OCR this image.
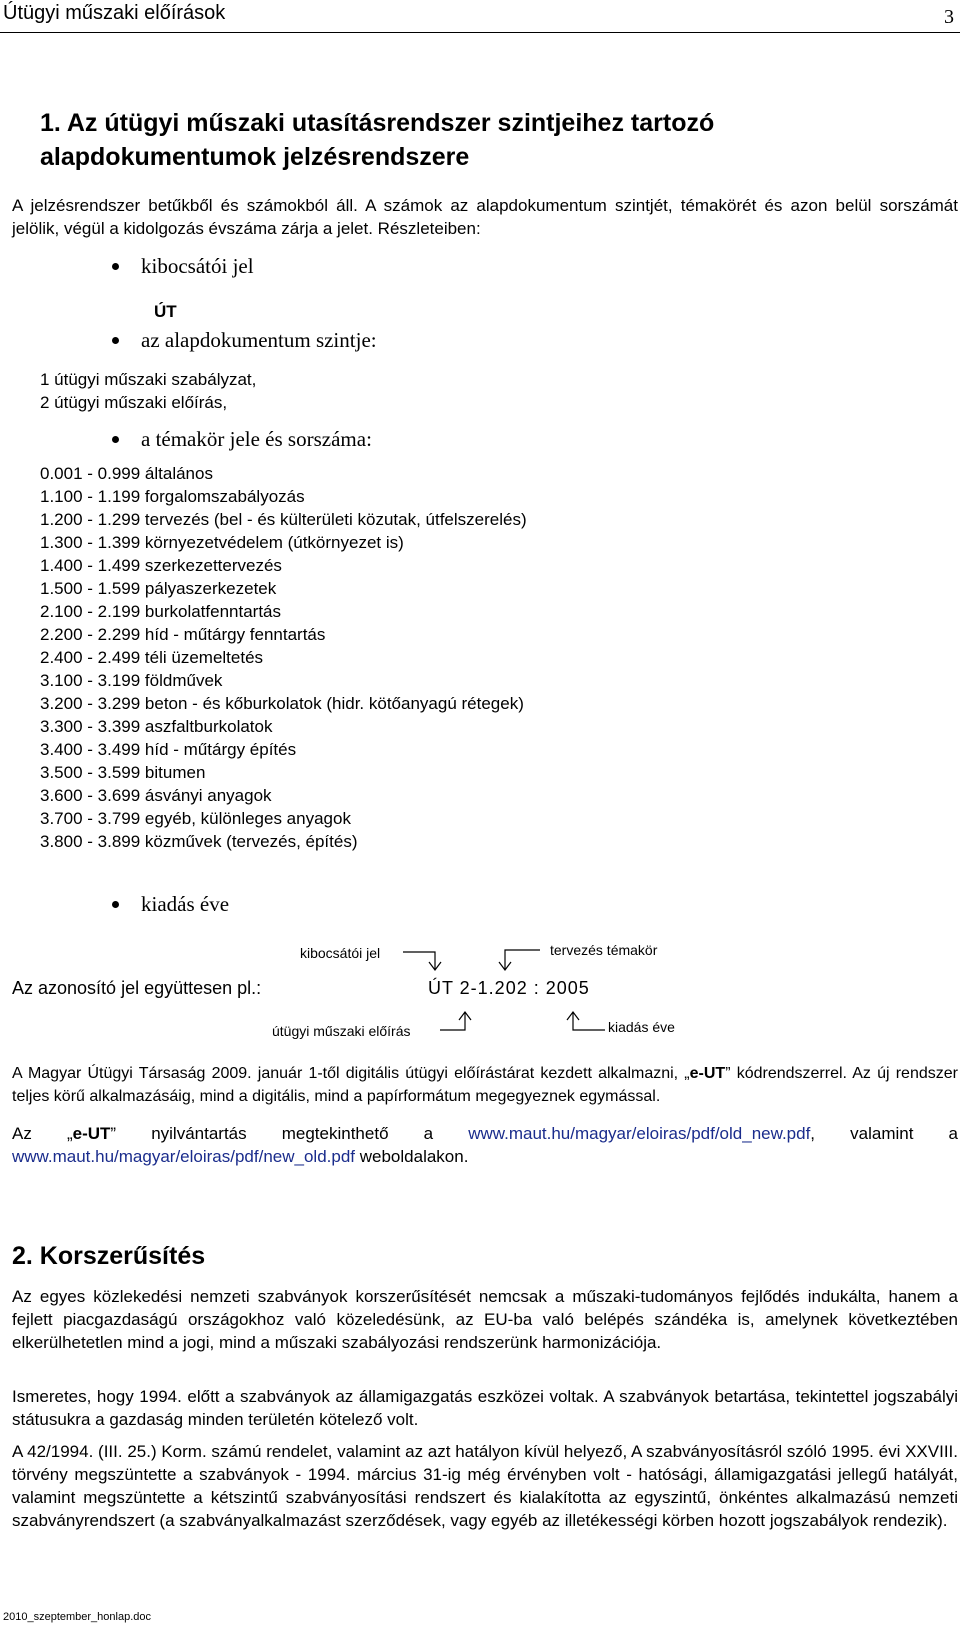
Útügyi műszaki előírások	3
1. Az útügyi műszaki utasításrendszer szintjeihez tartozó alapdokumentumok jelzésrendszere

A jelzésrendszer betűkből és számokból áll. A számok az alapdokumentum szintjét, témakörét és azon belül sorszámát jelölik, végül a kidolgozás évszáma zárja a jelet. Részleteiben:

kibocsátói jel
ÚT
az alapdokumentum szintje:
1 útügyi műszaki szabályzat,
2 útügyi műszaki előírás,
a témakör jele és sorszáma:
0.001 - 0.999 általános
1.100 - 1.199 forgalomszabályozás
1.200 - 1.299 tervezés (bel - és külterületi közutak, útfelszerelés)
1.300 - 1.399 környezetvédelem (útkörnyezet is)
1.400 - 1.499 szerkezettervezés
1.500 - 1.599 pályaszerkezetek
2.100 - 2.199 burkolatfenntartás
2.200 - 2.299 híd - műtárgy fenntartás
2.400 - 2.499 téli üzemeltetés
3.100 - 3.199 földművek
3.200 - 3.299 beton - és kőburkolatok (hidr. kötőanyagú rétegek)
3.300 - 3.399 aszfaltburkolatok
3.400 - 3.499 híd - műtárgy építés
3.500 - 3.599 bitumen
3.600 - 3.699 ásványi anyagok
3.700 - 3.799 egyéb, különleges anyagok
3.800 - 3.899 közművek (tervezés, építés)
kiadás éve
kibocsátói jel	tervezés témakör
Az azonosító jel együttesen pl.:	ÚT 2-1.202 : 2005
útügyi műszaki előírás	kiadás éve

A Magyar Útügyi Társaság 2009. január 1-től digitális útügyi előírástárat kezdett alkalmazni, „e-UT” kódrendszerrel. Az új rendszer teljes körű alkalmazásáig, mind a digitális, mind a papírformátum megegyeznek egymással.

Az „e-UT” nyilvántartás megtekinthető a www.maut.hu/magyar/eloiras/pdf/old_new.pdf, valamint a

www.maut.hu/magyar/eloiras/pdf/new_old.pdf weboldalakon.

2. Korszerűsítés

Az egyes közlekedési nemzeti szabványok korszerűsítését nemcsak a műszaki-tudományos fejlődés indukálta, hanem a fejlett piacgazdaságú országokhoz való közeledésünk, az EU-ba való belépés szándéka is, amelynek következtében elkerülhetetlen mind a jogi, mind a műszaki szabályozási rendszerünk harmonizációja.

Ismeretes, hogy 1994. előtt a szabványok az államigazgatás eszközei voltak. A szabványok betartása, tekintettel jogszabályi státusukra a gazdaság minden területén kötelező volt.

A 42/1994. (III. 25.) Korm. számú rendelet, valamint az azt hatályon kívül helyező, A szabványosításról szóló 1995. évi XXVIII. törvény megszüntette a szabványok - 1994. március 31-ig még érvényben volt - hatósági, államigazgatási jellegű hatályát, valamint megszüntette a kétszintű szabványosítási rendszert és kialakította az egyszintű, önkéntes alkalmazású nemzeti szabványrendszert (a szabványalkalmazást szerződések, vagy egyéb az illetékességi körben hozott jogszabályok rendezik).

2010_szeptember_honlap.doc
